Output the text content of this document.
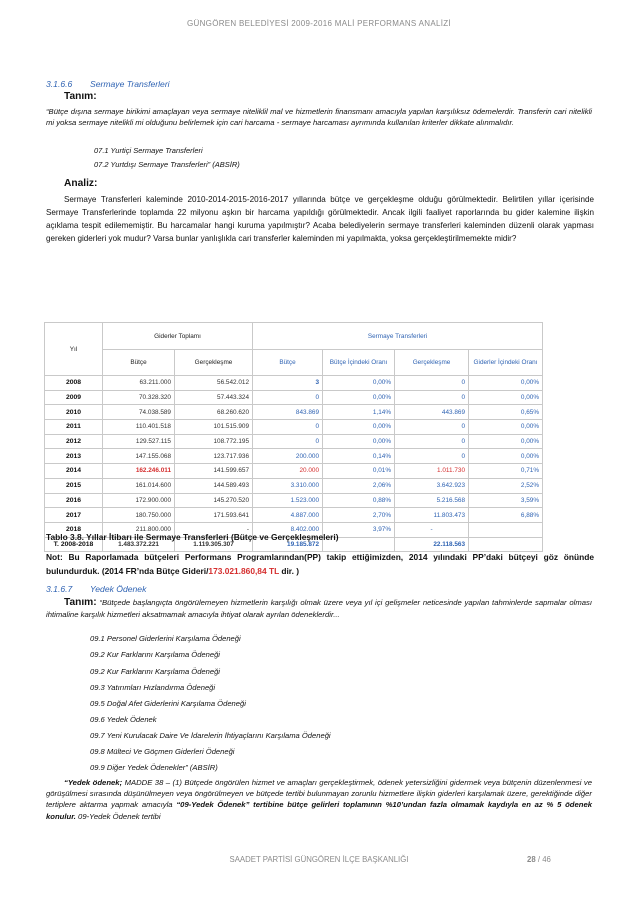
GÜNGÖREN BELEDİYESİ 2009-2016 MALİ PERFORMANS ANALİZİ
3.1.6.6 Sermaye Transferleri
Tanım:
“Bütçe dışına sermaye birikimi amaçlayan veya sermaye niteliklil mal ve hizmetlerin finansmanı amacıyla yapılan karşılıksız ödemelerdir. Transferin cari nitelikli mi yoksa sermaye nitelikli mi olduğunu belirlemek için cari harcama - sermaye harcaması ayrımında kullanılan kriterler dikkate alınmalıdır.
07.1 Yurtiçi Sermaye Transferleri
07.2 Yurtdışı Sermaye Transferleri” (ABSİR)
Analiz:
Sermaye Transferleri kaleminde 2010-2014-2015-2016-2017 yıllarında bütçe ve gerçekleşme olduğu görülmektedir. Belirtilen yıllar içerisinde Sermaye Transferlerinde toplamda 22 milyonu aşkın bir harcama yapıldığı görülmektedir. Ancak ilgili faaliyet raporlarında bu gider kalemine ilişkin açıklama tespit edilememiştir. Bu harcamalar hangi kuruma yapılmıştır? Acaba belediyelerin sermaye transferleri kaleminden düzenli olarak yapması gereken giderleri yok mudur? Varsa bunlar yanlışlıkla cari transferler kaleminden mi yapılmakta, yoksa gerçekleştirilmemekte midir?
Yıl	Giderler Toplamı		Sermaye Transferleri			
	Bütçe	Gerçekleşme	Bütçe	Bütçe İçindeki Oranı	Gerçekleşme	Giderler İçindeki Oranı
2008	63.211.000	56.542.012	3	0,00%	0	0,00%
2009	70.328.320	57.443.324	0	0,00%	0	0,00%
2010	74.038.589	68.260.620	843.869	1,14%	443.869	0,65%
2011	110.401.518	101.515.909	0	0,00%	0	0,00%
2012	129.527.115	108.772.195	0	0,00%	0	0,00%
2013	147.155.068	123.717.936	200.000	0,14%	0	0,00%
2014	162.246.011	141.599.657	20.000	0,01%	1.011.730	0,71%
2015	161.014.600	144.589.493	3.310.000	2,06%	3.642.923	2,52%
2016	172.900.000	145.270.520	1.523.000	0,88%	5.216.568	3,59%
2017	180.750.000	171.593.641	4.887.000	2,70%	11.803.473	6,88%
2018	211.800.000	-	8.402.000	3,97%	-	
T. 2008-2018	1.483.372.221	1.119.305.307	19.185.872		22.118.563	
Tablo 3.8. Yıllar İtibarı ile Sermaye Transferleri (Bütçe ve Gerçekleşmeleri)
Not: Bu Raporlamada bütçeleri Performans Programlarından(PP) takip ettiğimizden, 2014 yılındaki PP’daki bütçeyi göz önünde bulundurduk. (2014 FR’nda Bütçe Gideri/173.021.860,84 TL dir. )
3.1.6.7 Yedek Ödenek
Tanım: “Bütçede başlangıçta öngörülemeyen hizmetlerin karşılığı olmak üzere veya yıl içi gelişmeler neticesinde yapılan tahminlerde sapmalar olması ihtimaline karşılık hizmetleri aksatmamak amacıyla ihtiyat olarak ayrılan ödeneklerdir...
09.1 Personel Giderlerini Karşılama Ödeneği
09.2 Kur Farklarını Karşılama Ödeneği
09.2 Kur Farklarını Karşılama Ödeneği
09.3 Yatırımları Hızlandırma Ödeneği
09.5 Doğal Afet Giderlerini Karşılama Ödeneği
09.6 Yedek Ödenek
09.7 Yeni Kurulacak Daire Ve İdarelerin İhtiyaçlarını Karşılama Ödeneği
09.8 Mülteci Ve Göçmen Giderleri Ödeneği
09.9 Diğer Yedek Ödenekler” (ABSİR)
“Yedek ödenek; MADDE 38 – (1) Bütçede öngörülen hizmet ve amaçları gerçekleştirmek, ödenek yetersizliğini gidermek veya bütçenin düzenlenmesi ve görüşülmesi sırasında düşünülmeyen veya öngörülmeyen ve bütçede tertibi bulunmayan zorunlu hizmetlere ilişkin giderleri karşılamak üzere, gerektiğinde diğer tertiplere aktarma yapmak amacıyla “09-Yedek Ödenek” tertibine bütçe gelirleri toplamının %10’undan fazla olmamak kaydıyla en az % 5 ödenek konulur. 09-Yedek Ödenek tertibi
SAADET PARTİSİ GÜNGÖREN İLÇE BAŞKANLIĞI	28 / 46
